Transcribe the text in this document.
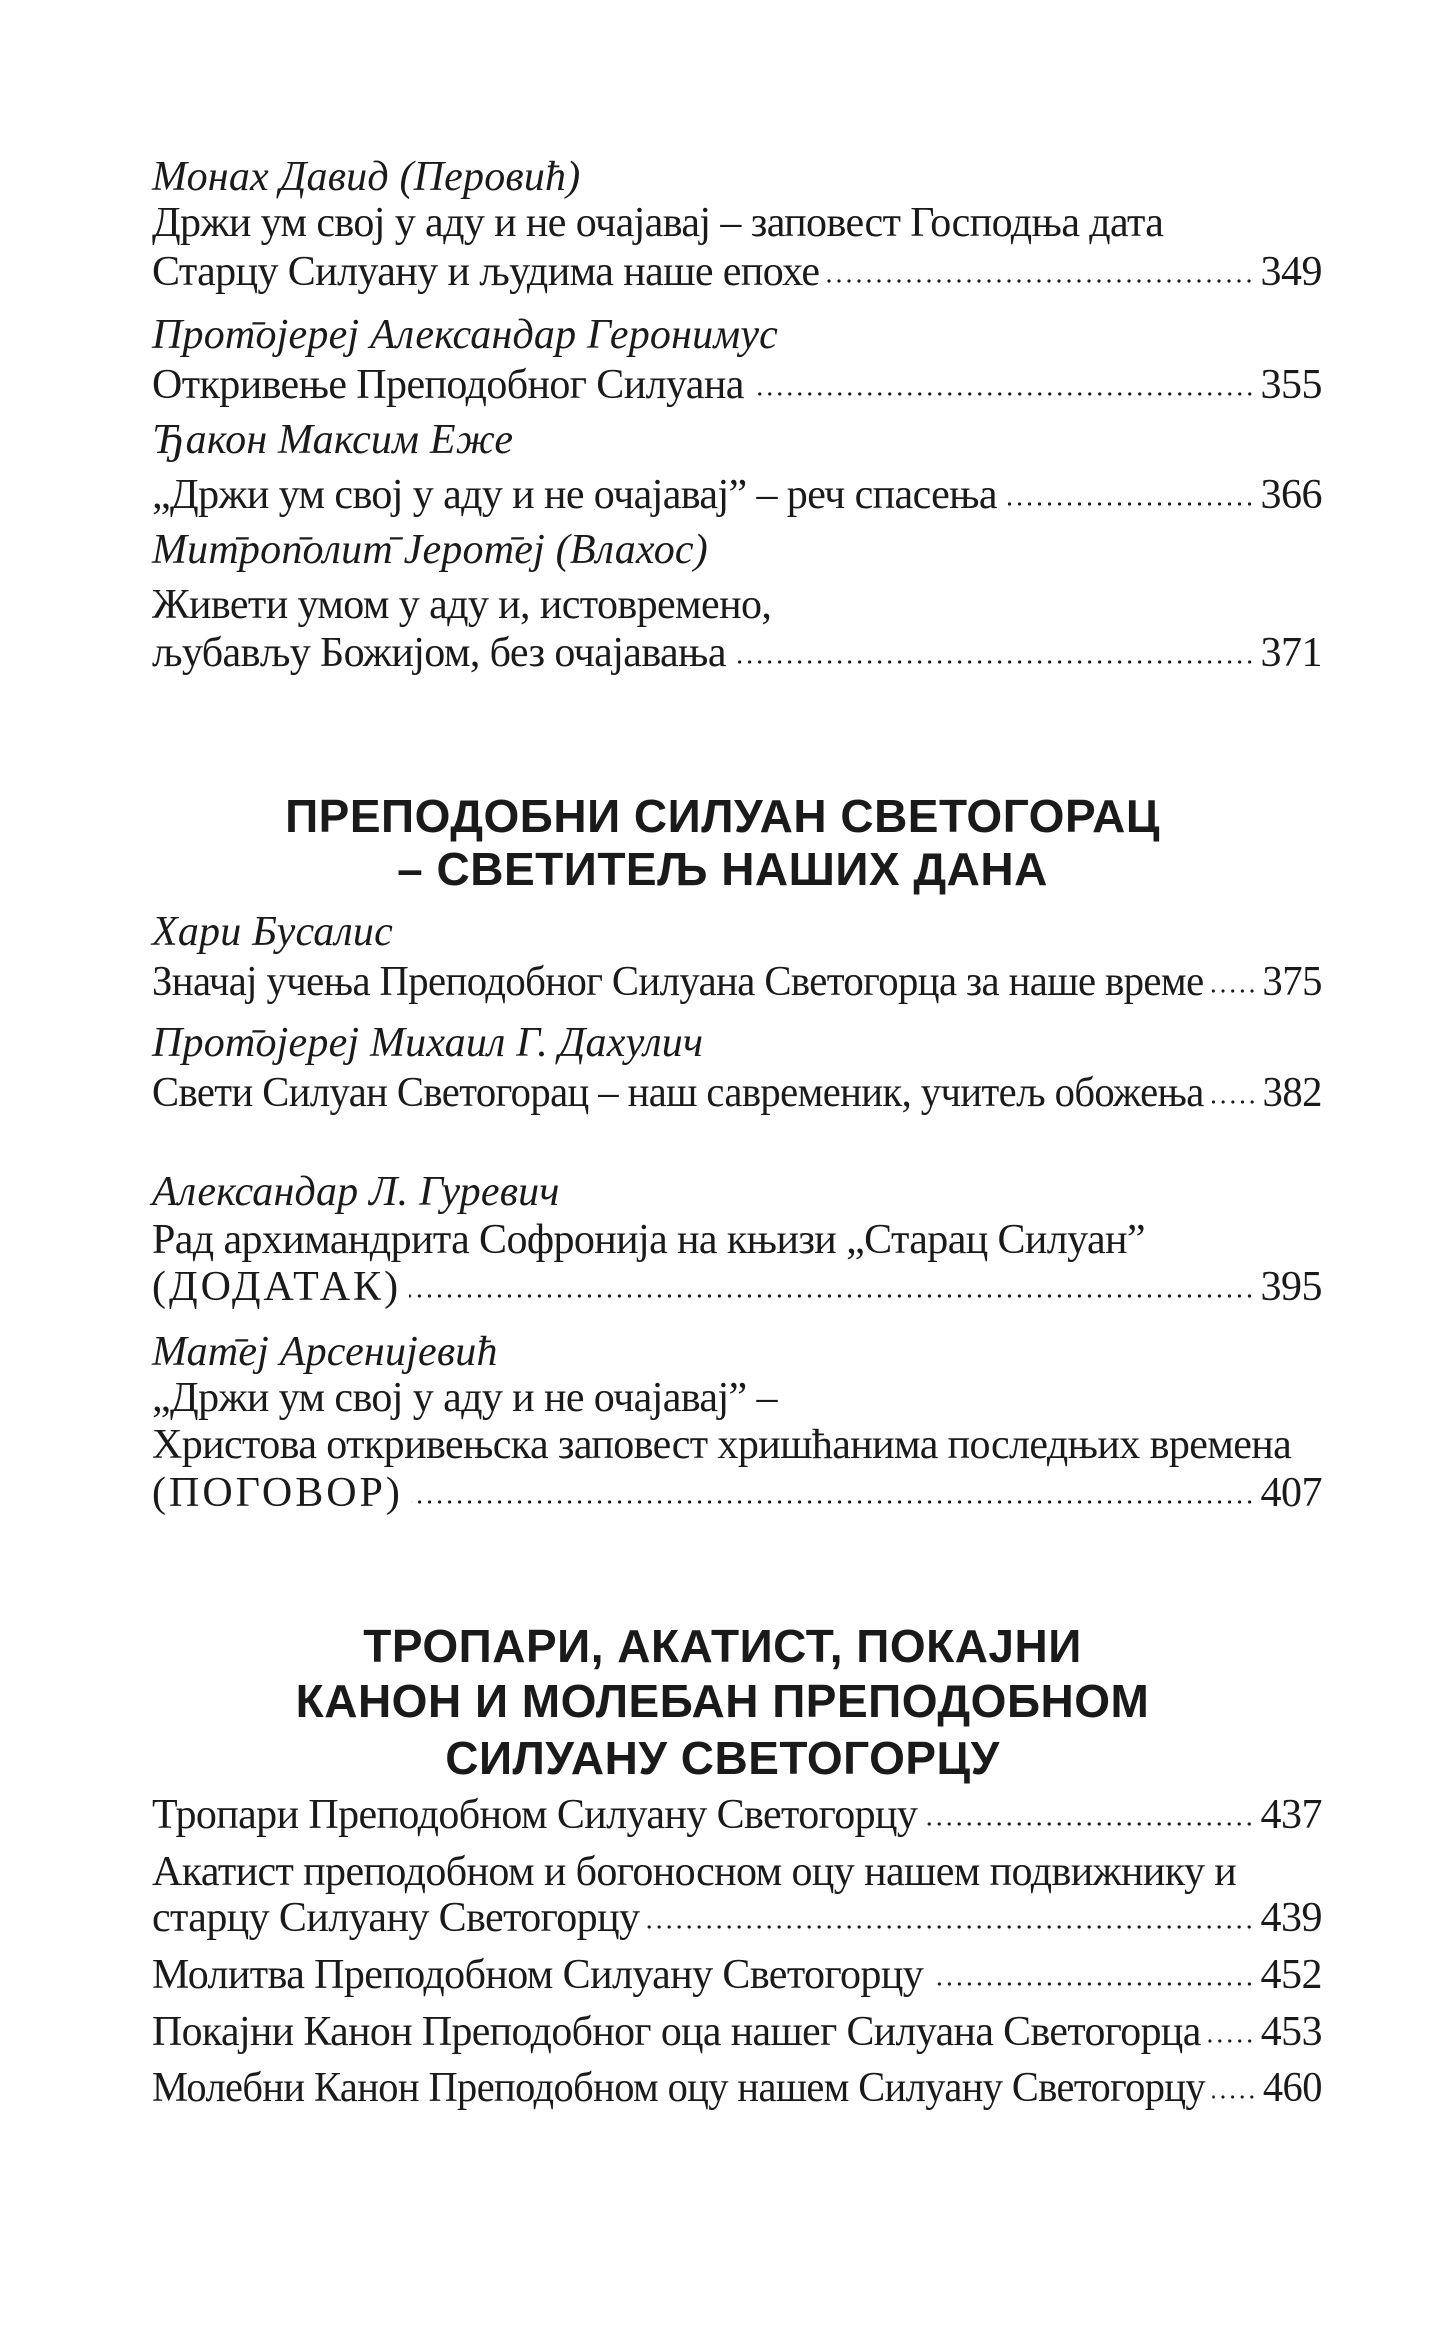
Монах Давид (Перовић)
Држи ум свој у аду и не очајавај – заповест Господња дата
Старцу Силуану и људима наше епохе	349
Прот̄ојереј Александар Геронимус
Откривење Преподобног Силуана	355
Ђакон Максим Еже
„Држи ум свој у аду и не очајавај” – реч спасења	366
Мит̄роп̄олит̄ Јерот̄еј (Влахос)
Живети умом у аду и, истовремено,
љубављу Божијом, без очајавања	371
ПРЕПОДОБНИ СИЛУАН СВЕТОГОРАЦ
– СВЕТИТЕЉ НАШИХ ДАНА
Хари Бусалис
Значај учења Преподобног Силуана Светогорца за наше време 375
Прот̄ојереј Михаил Г. Дахулич
Свети Силуан Светогорац – наш савременик, учитељ обожења 382
Александар Л. Гуревич
Рад архимандрита Софронија на књизи „Старац Силуан”
(ДОДАТАК)	395
Мат̄еј Арсенијевић
„Држи ум свој у аду и не очајавај” –
Христова откривењска заповест хришћанима последњих времена
(ПОГОВОР)	407
ТРОПАРИ, АКАТИСТ, ПОКАЈНИ
КАНОН И МОЛЕБАН ПРЕПОДОБНОМ
СИЛУАНУ СВЕТОГОРЦУ
Тропари Преподобном Силуану Светогорцу	437
Акатист преподобном и богоносном оцу нашем подвижнику и
старцу Силуану Светогорцу	439
Молитва Преподобном Силуану Светогорцу	452
Покајни Канон Преподобног оца нашег Силуана Светогорца 453
Молебни Канон Преподобном оцу нашем Силуану Светогорцу 460
